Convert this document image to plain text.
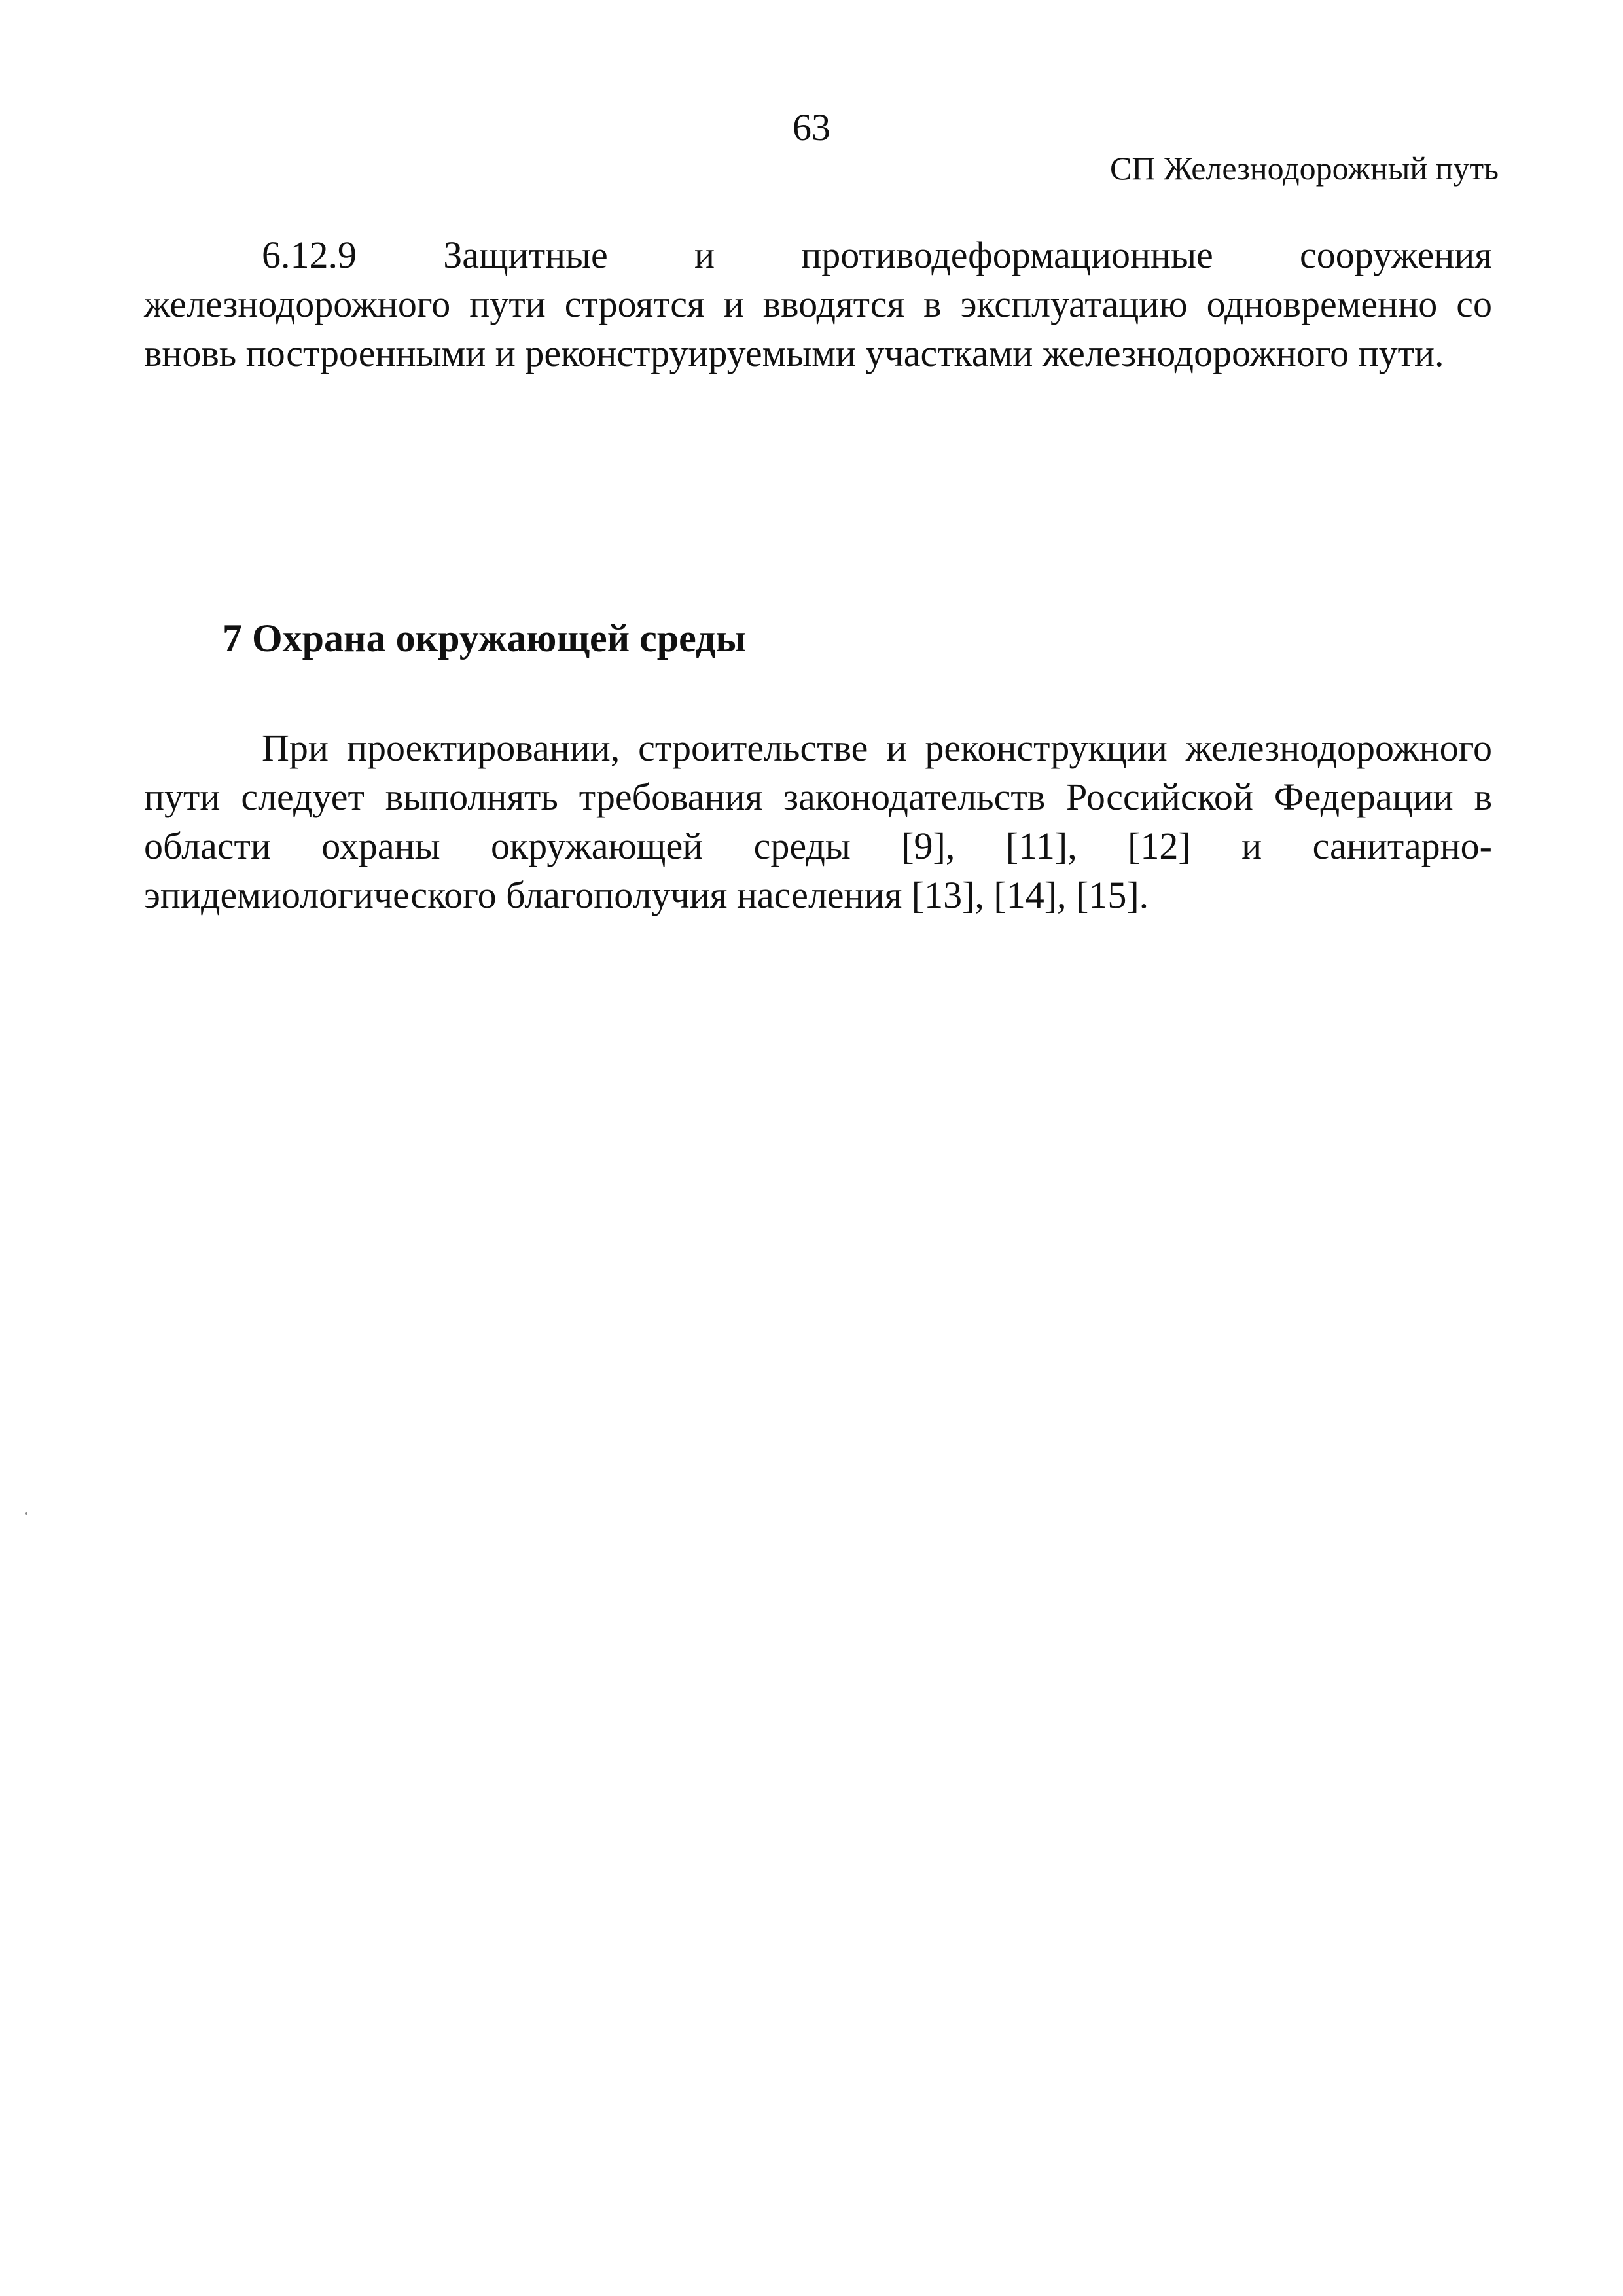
63
СП Железнодорожный путь
6.12.9 Защитные и противодеформационные сооружения
железнодорожного пути строятся и вводятся в эксплуатацию одновременно со
вновь построенными и реконструируемыми участками железнодорожного пути.
7 Охрана окружающей среды
При проектировании, строительстве и реконструкции железнодорожного
пути следует выполнять требования законодательств Российской Федерации в
области охраны окружающей среды [9], [11], [12] и санитарно-
эпидемиологического благополучия населения [13], [14], [15].
